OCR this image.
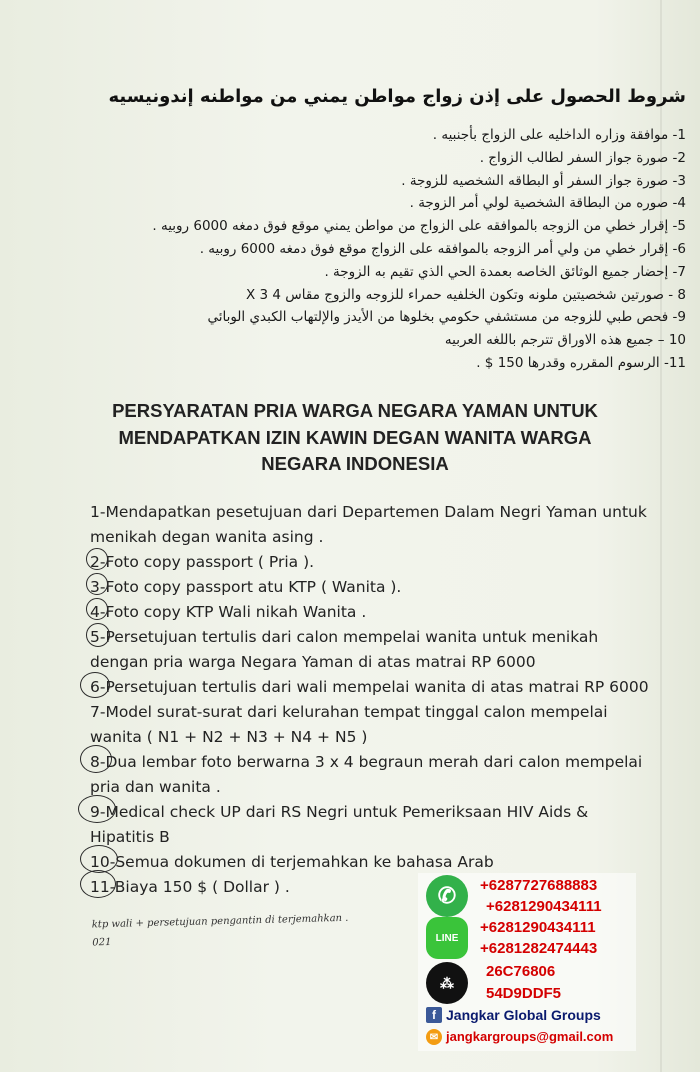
شروط الحصول على إذن زواج مواطن يمني من مواطنه إندونيسيه
1- موافقة وزاره الداخليه على الزواج بأجنبيه .
2- صورة جواز السفر لطالب الزواج .
3- صورة جواز السفر أو البطاقه الشخصيه للزوجة .
4- صوره من البطاقة الشخصية لولي أمر الزوجة .
5- إقرار خطي من الزوجه بالموافقه على الزواج من مواطن يمني موقع فوق دمغه 6000 روبيه .
6- إقرار خطي من ولي أمر الزوجه بالموافقه على الزواج موقع فوق دمغه 6000 روبيه .
7- إحضار جميع الوثائق الخاصه بعمدة الحي الذي تقيم به الزوجة .
8 - صورتين شخصيتين ملونه وتكون الخلفيه حمراء للزوجه والزوج مقاس 4 X 3
9- فحص طبي للزوجه من مستشفي حكومي بخلوها من الأيدز والإلتهاب الكبدي الوبائي
10 – جميع هذه الاوراق تترجم باللغه العربيه
11- الرسوم المقرره وقدرها 150 $ .
PERSYARATAN PRIA WARGA NEGARA YAMAN UNTUK
MENDAPATKAN IZIN KAWIN DEGAN WANITA WARGA
NEGARA INDONESIA
1-Mendapatkan pesetujuan dari Departemen Dalam Negri Yaman untuk
menikah degan wanita asing .
2-Foto copy passport ( Pria ).
3-Foto copy passport atu KTP ( Wanita ).
4-Foto copy KTP Wali nikah Wanita .
5-Persetujuan tertulis dari calon mempelai wanita untuk menikah
dengan pria warga Negara Yaman di atas matrai RP 6000
6-Persetujuan tertulis dari wali mempelai wanita di atas matrai RP 6000
7-Model surat-surat dari kelurahan tempat tinggal calon mempelai
wanita ( N1 + N2 + N3 + N4 + N5 )
8-Dua lembar foto berwarna 3 x 4 begraun merah dari calon mempelai
pria dan wanita .
9-Medical check UP dari RS Negri untuk Pemeriksaan HIV Aids &
Hipatitis B
10-Semua dokumen di terjemahkan ke bahasa Arab
11-Biaya 150 $ ( Dollar ) .
ktp wali + persetujuan pengantin di terjemahkan .
021
✆
LINE
⁂
f
✉
+6287727688883
+6281290434111
+6281290434111
+6281282474443
26C76806
54D9DDF5
Jangkar Global Groups
jangkargroups@gmail.com
